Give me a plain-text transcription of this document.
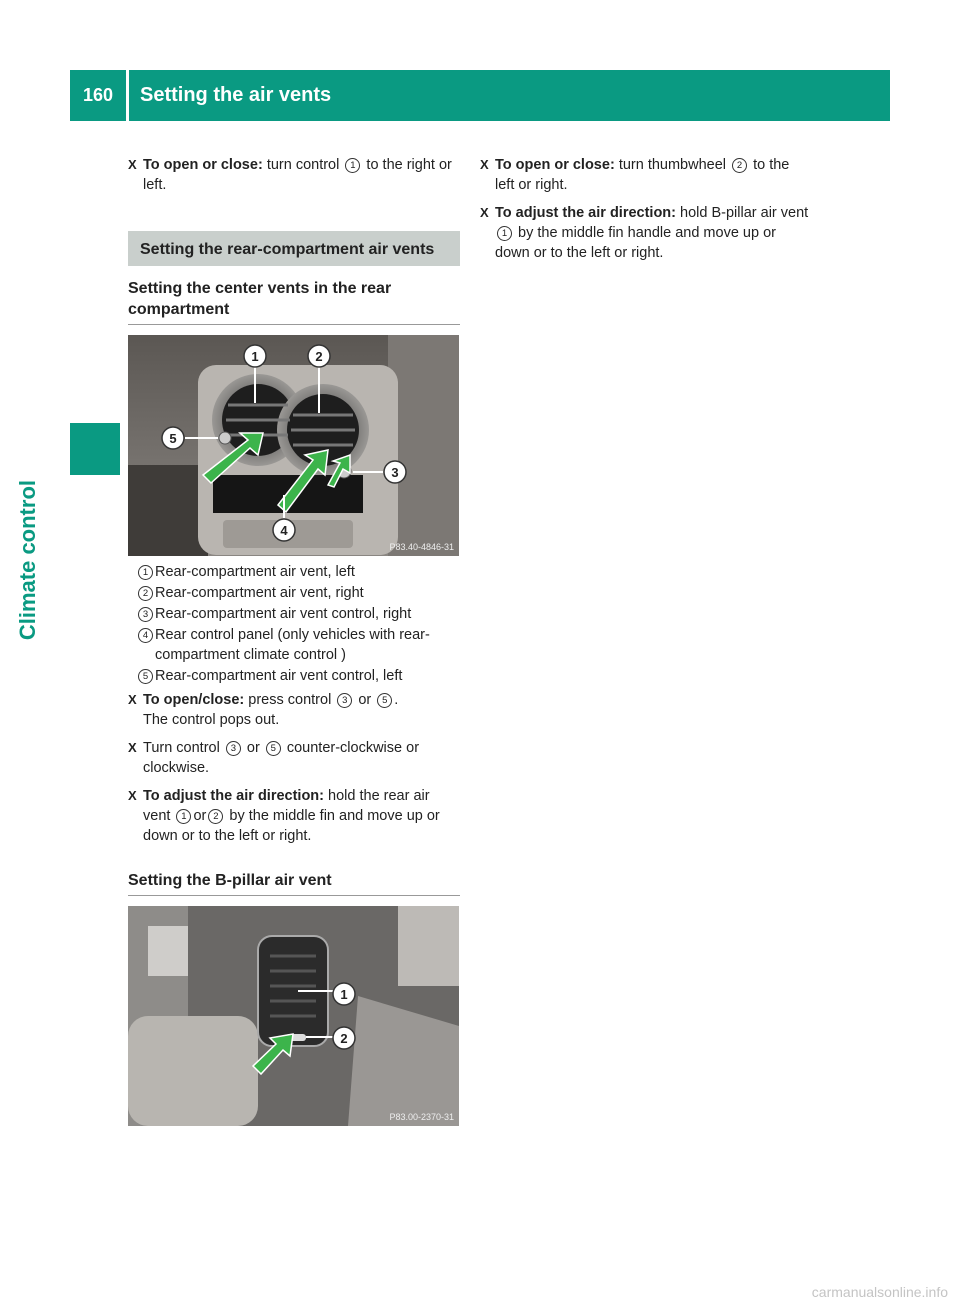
160	Setting the air vents
Climate control
X To open or close: turn control 1 to the right or left.
Setting the rear-compartment air vents
Setting the center vents in the rear compartment
1	2
3
4
5
P83.40-4846-31
1 Rear-compartment air vent, left
2 Rear-compartment air vent, right
3 Rear-compartment air vent control, right
4 Rear control panel (only vehicles with rear-compartment climate control )
5 Rear-compartment air vent control, left
X To open/close: press control 3 or 5 .
The control pops out.
X Turn control 3 or 5 counter-clockwise or clockwise.
X To adjust the air direction: hold the rear air vent 1 or 2 by the middle fin and move up or down or to the left or right.
Setting the B-pillar air vent
1
2
P83.00-2370-31
X To open or close: turn thumbwheel 2 to the left or right.
X To adjust the air direction: hold B-pillar air vent 1 by the middle fin handle and move up or down or to the left or right.
carmanualsonline.info
